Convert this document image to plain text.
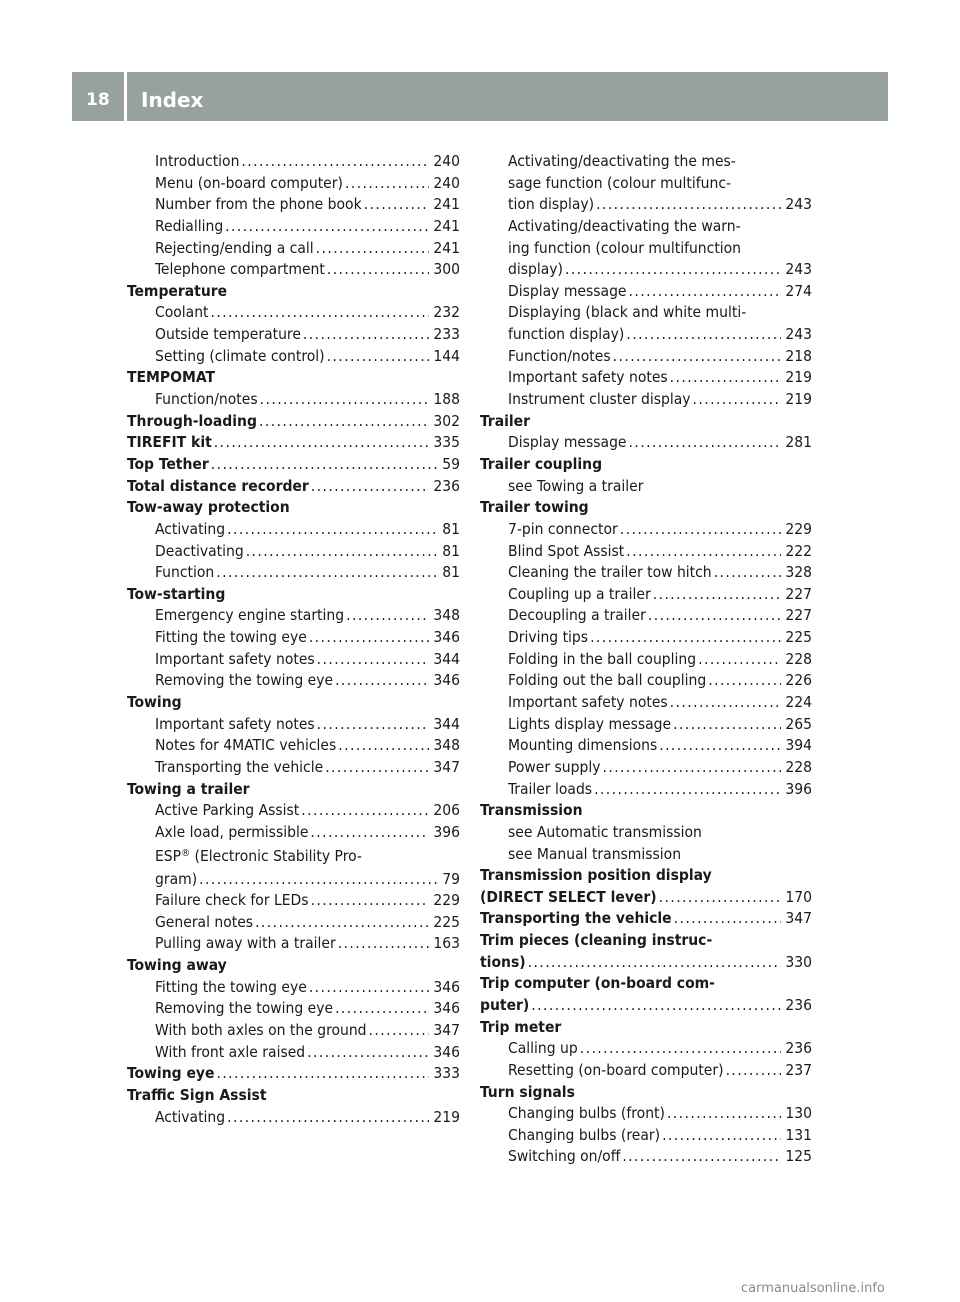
18 Index
Introduction . . .	240
Menu (on-board computer) . . .	240
Number from the phone book . . .	241
Redialling . . .	241
Rejecting/ending a call . . .	241
Telephone compartment . . .	300
Temperature
Coolant . . .	232
Outside temperature . . .	233
Setting (climate control) . . .	144
TEMPOMAT
Function/notes . . .	188
Through-loading . . .	302
TIREFIT kit . . .	335
Top Tether . . .	59
Total distance recorder . . .	236
Tow-away protection
Activating . . .	81
Deactivating . . .	81
Function . . .	81
Tow-starting
Emergency engine starting . . .	348
Fitting the towing eye . . .	346
Important safety notes . . .	344
Removing the towing eye . . .	346
Towing
Important safety notes . . .	344
Notes for 4MATIC vehicles . . .	348
Transporting the vehicle . . .	347
Towing a trailer
Active Parking Assist . . .	206
Axle load, permissible . . .	396
ESP® (Electronic Stability Pro-
gram) . . .	79
Failure check for LEDs . . .	229
General notes . . .	225
Pulling away with a trailer . . .	163
Towing away
Fitting the towing eye . . .	346
Removing the towing eye . . .	346
With both axles on the ground . . .	347
With front axle raised . . .	346
Towing eye . . .	333
Traffic Sign Assist
Activating . . .	219
Activating/deactivating the mes-
sage function (colour multifunc-
tion display) . . .	243
Activating/deactivating the warn-
ing function (colour multifunction
display) . . .	243
Display message . . .	274
Displaying (black and white multi-
function display) . . .	243
Function/notes . . .	218
Important safety notes . . .	219
Instrument cluster display . . .	219
Trailer
Display message . . .	281
Trailer coupling
see Towing a trailer
Trailer towing
7-pin connector . . .	229
Blind Spot Assist . . .	222
Cleaning the trailer tow hitch . . .	328
Coupling up a trailer . . .	227
Decoupling a trailer . . .	227
Driving tips . . .	225
Folding in the ball coupling . . .	228
Folding out the ball coupling . . .	226
Important safety notes . . .	224
Lights display message . . .	265
Mounting dimensions . . .	394
Power supply . . .	228
Trailer loads . . .	396
Transmission
see Automatic transmission
see Manual transmission
Transmission position display
(DIRECT SELECT lever) . . .	170
Transporting the vehicle . . .	347
Trim pieces (cleaning instruc-
tions) . . .	330
Trip computer (on-board com-
puter) . . .	236
Trip meter
Calling up . . .	236
Resetting (on-board computer) . . .	237
Turn signals
Changing bulbs (front) . . .	130
Changing bulbs (rear) . . .	131
Switching on/off . . .	125
carmanualsonline.info
